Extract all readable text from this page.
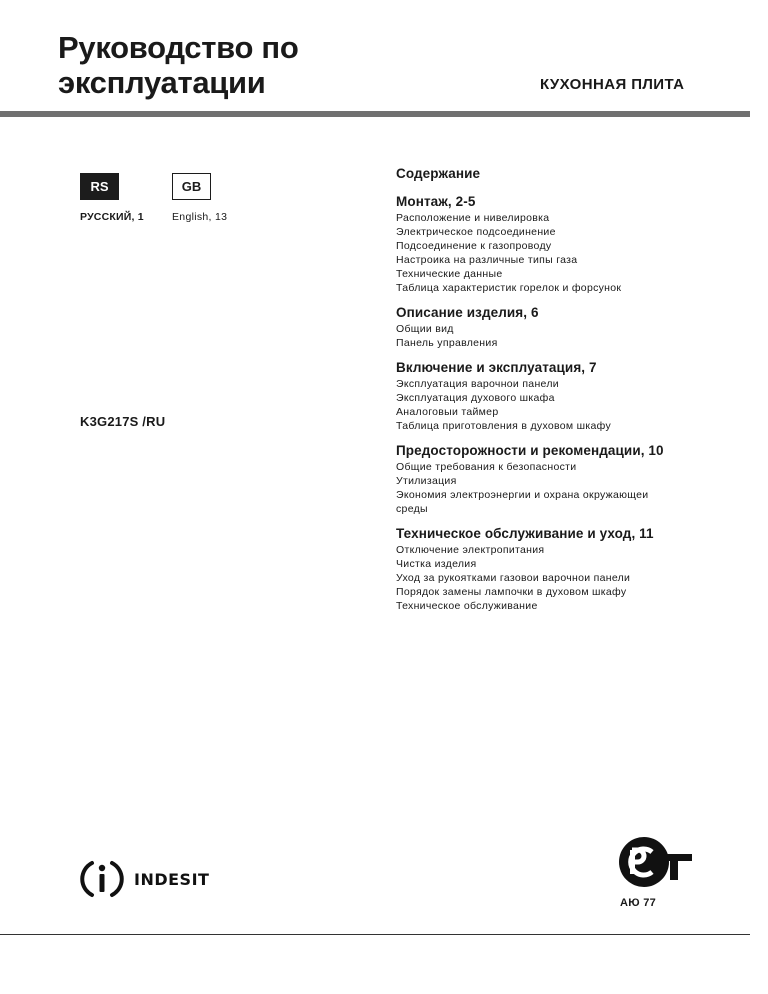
Руководство по
эксплуатации	КУХОННАЯ ПЛИТА
RS	GB
РУССКИЙ, 1	English, 13
K3G217S /RU
Содержание
Монтаж, 2-5
Расположение и нивелировка
Электрическое подсоединение
Подсоединение к газопроводу
Настроика на различные типы газа
Технические данные
Таблица характеристик горелок и форсунок
Описание изделия, 6
Общии вид
Панель управления
Включение и эксплуатация, 7
Эксплуатация варочнои панели
Эксплуатация духового шкафа
Аналоговыи таймер
Таблица приготовления в духовом шкафу
Предосторожности и рекомендации, 10
Общие требования к безопасности
Утилизация
Экономия электроэнергии и охрана окружающеи
среды
Техническое обслуживание и уход, 11
Отключение электропитания
Чистка изделия
Уход за рукоятками газовои варочнои панели
Порядок замены лампочки в духовом шкафу
Техническое обслуживание
indesit
АЮ 77
